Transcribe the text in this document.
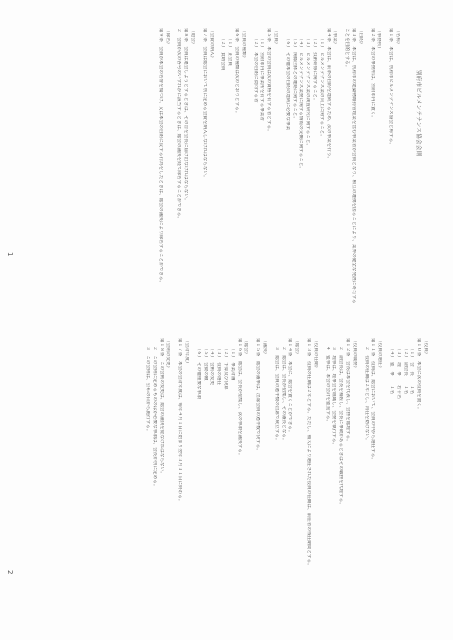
別府市ビルメンテナンス協会会則
（名称）
第１条　本会は、別府市ビルメンテナンス協会と称する。
（事務所）
第２条　本会の事務所は、別府市内に置く。
（目的）
第３条　本会は、別府市の建築物維持管理業を営む事業者が会員となり、相互の連携を図ることにより、業界の健全な発展に寄与することを目的とする。
（事業）
第４条　本会は、前条の目的を達成するため、次の事業を行う。
（１）　ビルメンテナンス業の向上に関すること。
（２）　技術研修に関すること。
（３）　ビルメンテナンス業の調査研究に関すること。
（４）　ビルメンテナンス業務に関する情報の交換に関すること。
（５）　関係団体との連絡に関すること。
（６）　その他本会の目的の達成に必要な事業
（会員）
第５条　本会の会員は次の資格を有する者とする。
（１）　別府市内に事業所を有する事業者
（２）　本会の目的に賛同する者
（会員の種類）
第６条　会員の種類は次のとおりとする。
（１）　正会員
（２）　賛助会員
（会費の納入）
第７条　会員は総会において別に定める会費を納入しなければならない。
（退会）
第８条　会員は退会しようとするときは、その旨を会長に届け出なければならない。
２　会員が次の各号のいずれかに該当するときは、総会の議決を経て除名することができる。
（除名）
第９条　会員が本会の名誉を傷つけ、又は本会の目的に反する行為をしたときは、総会の議決により除名することができる。
1
（役員）
第１０条　本会に次の役員を置く。
（１）　会　長　　１名
（２）　副会長　　１名
（３）　理　事　　若干名
（４）　監　事　　１名
（役員の選任）
第１１条　役員は、総会において、会員の中から選任する。
２　役員の任期は２年とし、再任を妨げない。
（役員の職務）
第１２条　会長は本会を代表し、会務を総理する。
２　副会長は、会長を補佐し、会長に事故があるときはその職務を代理する。
３　理事は、理事会を組織し、会務を執行する。
４　監事は、本会の会計を監査する。
（役員の任期）
第１３条　役員の任期は２年とする。ただし、補欠により選任された役員の任期は、前任者の残任期間とする。
（総会）
第１４条　本会に、総会を置くことができる。
２　総会は、会長が招集し、その議長となる。
３　総会は、会員の過半数の出席で成立する。
（議決）
第１５条　総会の議事は、出席会員の過半数で決する。
（総会）
第１６条　総会は、会長が招集し、次の事項を議決する。
（１）　事業計画
（２）　予算及び決算
（３）　役員の選任
（４）　会則の変更
（５）　会費の額
（６）　その他重要な事項
（会計年度）
第１７条　本会の会計年度は、毎年４月１日に始まり翌年３月３１日に終わる。
（会則の変更）
第１８条　この会則の変更は、総会の議決を経なければならない。
２　この会則に定めるもののほか必要な事項は、会長が別に定める。
３　この会則は、公布の日から施行する。
2
